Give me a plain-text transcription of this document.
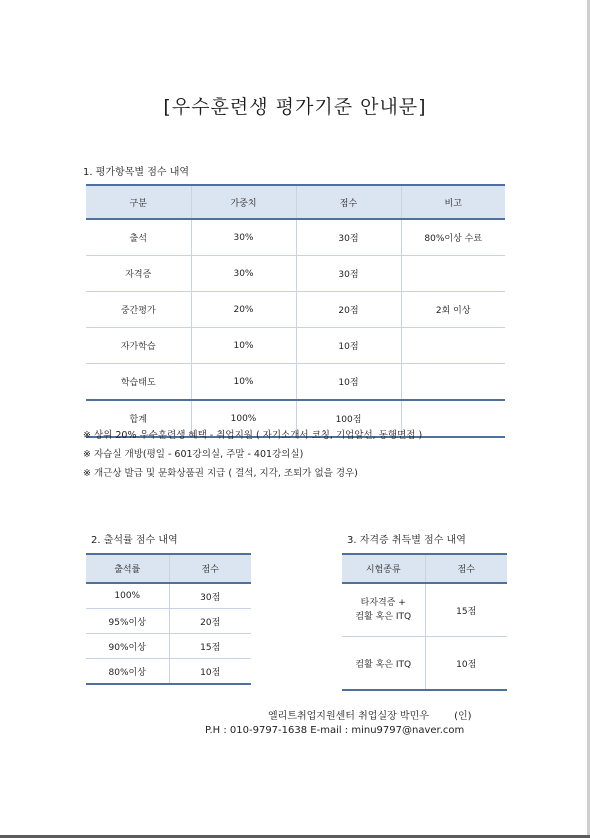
[우수훈련생 평가기준 안내문]
1. 평가항목별 점수 내역
구분	가중치	점수	비고
출석	30%	30점	80%이상 수료
자격증	30%	30점	
중간평가	20%	20점	2회 이상
자가학습	10%	10점	
학습태도	10%	10점	
합계	100%	100점	
※ 상위 20% 우수훈련생 혜택 - 취업지원 ( 자기소개서 코칭, 기업알선, 동행면접 )
※ 자습실 개방(평일 - 601강의실, 주말 - 401강의실)
※ 개근상 발급 및 문화상품권 지급 ( 결석, 지각, 조퇴가 없을 경우)
2. 출석률 점수 내역
출석률	점수
100%	30점
95%이상	20점
90%이상	15점
80%이상	10점
3. 자격증 취득별 점수 내역
시험종류	점수
타자격증 +
컴활 혹은 ITQ	15점
컴활 혹은 ITQ	10점
엘리트취업지원센터 취업실장 박민우	(인)
P.H : 010-9797-1638 E-mail : minu9797@naver.com
